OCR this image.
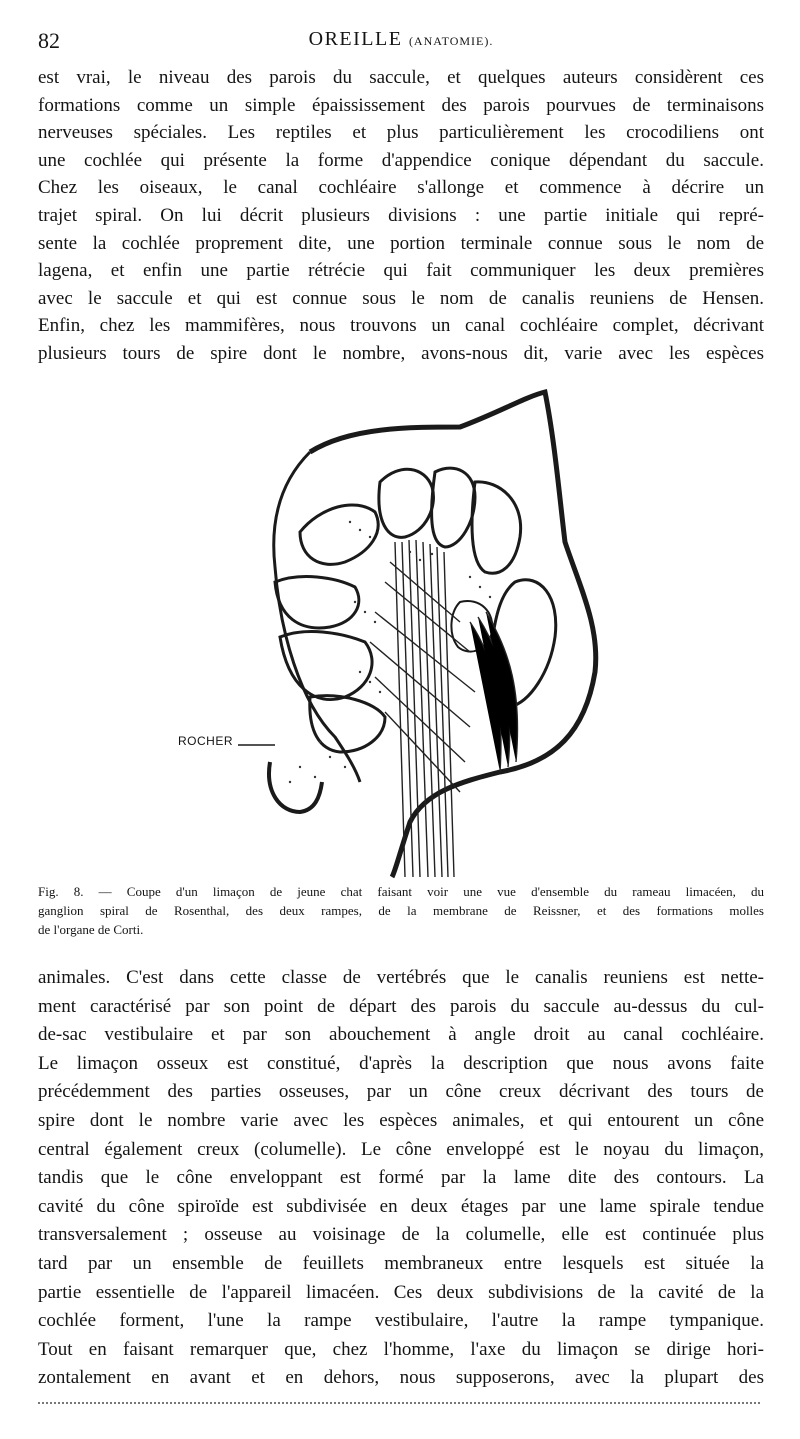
82	OREILLE (ANATOMIE).
est vrai, le niveau des parois du saccule, et quelques auteurs considèrent ces
formations comme un simple épaississement des parois pourvues de terminaisons
nerveuses spéciales. Les reptiles et plus particulièrement les crocodiliens ont
une cochlée qui présente la forme d'appendice conique dépendant du saccule.
Chez les oiseaux, le canal cochléaire s'allonge et commence à décrire un
trajet spiral. On lui décrit plusieurs divisions : une partie initiale qui repré-
sente la cochlée proprement dite, une portion terminale connue sous le nom de
lagena, et enfin une partie rétrécie qui fait communiquer les deux premières
avec le saccule et qui est connue sous le nom de canalis reuniens de Hensen.
Enfin, chez les mammifères, nous trouvons un canal cochléaire complet, décrivant
plusieurs tours de spire dont le nombre, avons-nous dit, varie avec les espèces
ROCHER
Fig. 8. — Coupe d'un limaçon de jeune chat faisant voir une vue d'ensemble du rameau limacéen, du
ganglion spiral de Rosenthal, des deux rampes, de la membrane de Reissner, et des formations molles
de l'organe de Corti.
animales. C'est dans cette classe de vertébrés que le canalis reuniens est nette-
ment caractérisé par son point de départ des parois du saccule au-dessus du cul-
de-sac vestibulaire et par son abouchement à angle droit au canal cochléaire.
Le limaçon osseux est constitué, d'après la description que nous avons faite
précédemment des parties osseuses, par un cône creux décrivant des tours de
spire dont le nombre varie avec les espèces animales, et qui entourent un cône
central également creux (columelle). Le cône enveloppé est le noyau du limaçon,
tandis que le cône enveloppant est formé par la lame dite des contours. La
cavité du cône spiroïde est subdivisée en deux étages par une lame spirale tendue
transversalement ; osseuse au voisinage de la columelle, elle est continuée plus
tard par un ensemble de feuillets membraneux entre lesquels est située la
partie essentielle de l'appareil limacéen. Ces deux subdivisions de la cavité de la
cochlée forment, l'une la rampe vestibulaire, l'autre la rampe tympanique.
Tout en faisant remarquer que, chez l'homme, l'axe du limaçon se dirige hori-
zontalement en avant et en dehors, nous supposerons, avec la plupart des
